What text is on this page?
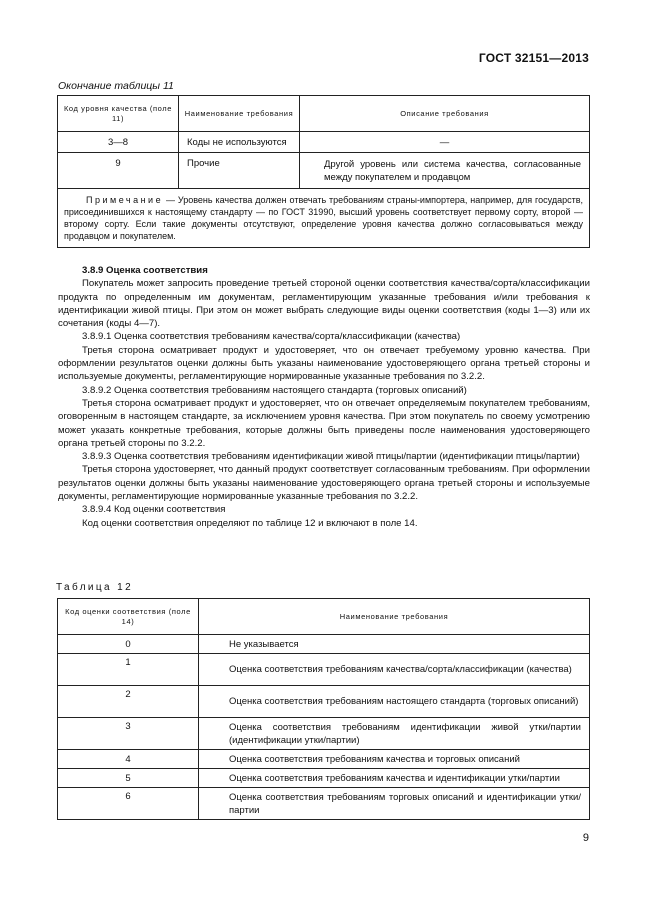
ГОСТ 32151—2013
Окончание таблицы 11
Код уровня качества (поле 11)	Наименование требования	Описание требования
3—8	Коды не используются	—
9	Прочие	Другой уровень или система качества, согласованные между покупателем и продавцом
Примечание — Уровень качества должен отвечать требованиям страны-импортера, например, для государств, присоединившихся к настоящему стандарту — по ГОСТ 31990, высший уровень соответствует первому сорту, второй — второму сорту. Если такие документы отсутствуют, определение уровня качества должно согласовываться между продавцом и покупателем.		

3.8.9 Оценка соответствия

Покупатель может запросить проведение третьей стороной оценки соответствия качества/сорта/классификации продукта по определенным им документам, регламентирующим указанные требования и/или требования к идентификации живой птицы. При этом он может выбрать следующие виды оценки соответствия (коды 1—3) или их сочетания (коды 4—7).

3.8.9.1 Оценка соответствия требованиям качества/сорта/классификации (качества)

Третья сторона осматривает продукт и удостоверяет, что он отвечает требуемому уровню качества. При оформлении результатов оценки должны быть указаны наименование удостоверяющего органа третьей стороны и используемые документы, регламентирующие нормированные указанные требования по 3.2.2.

3.8.9.2 Оценка соответствия требованиям настоящего стандарта (торговых описаний)

Третья сторона осматривает продукт и удостоверяет, что он отвечает определяемым покупателем требованиям, оговоренным в настоящем стандарте, за исключением уровня качества. При этом покупатель по своему усмотрению может указать конкретные требования, которые должны быть приведены после наименования удостоверяющего органа третьей стороны по 3.2.2.

3.8.9.3 Оценка соответствия требованиям идентификации живой птицы/партии (идентификации птицы/партии)

Третья сторона удостоверяет, что данный продукт соответствует согласованным требованиям. При оформлении результатов оценки должны быть указаны наименование удостоверяющего органа третьей стороны и используемые документы, регламентирующие нормированные указанные требования по 3.2.2.

3.8.9.4 Код оценки соответствия

Код оценки соответствия определяют по таблице 12 и включают в поле 14.

Таблица 12
Код оценки соответствия (поле 14)	Наименование требования
0	Не указывается
1	Оценка соответствия требованиям качества/сорта/классификации (качества)
2	Оценка соответствия требованиям настоящего стандарта (торговых описаний)
3	Оценка соответствия требованиям идентификации живой утки/партии (идентификации утки/партии)
4	Оценка соответствия требованиям качества и торговых описаний
5	Оценка соответствия требованиям качества и идентификации утки/партии
6	Оценка соответствия требованиям торговых описаний и идентификации утки/партии
9
